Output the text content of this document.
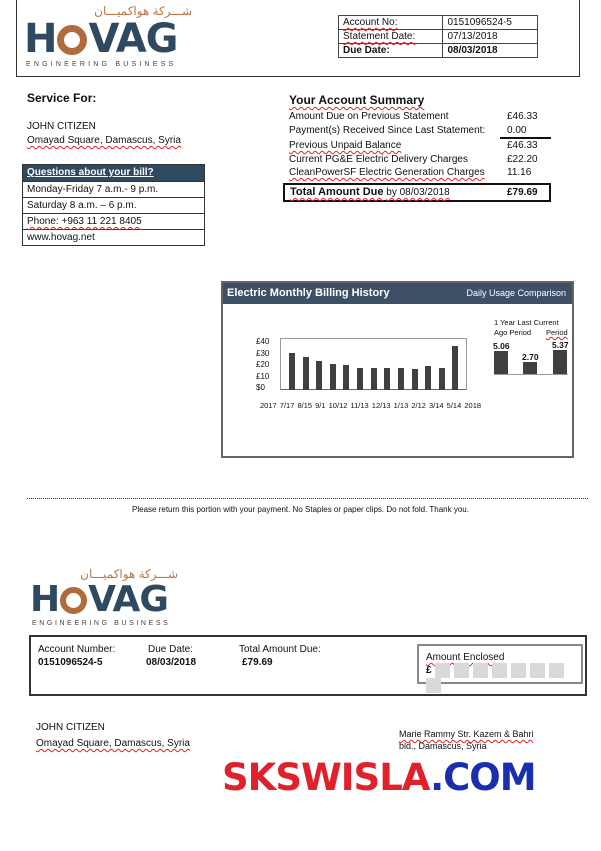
شـــركة هواكميـــان
H VAG
ENGINEERING BUSINESS
Account No:	0151096524-5
Statement Date:	07/13/2018
Due Date:	08/03/2018
Service For:
JOHN CITIZEN
Omayad Square, Damascus, Syria
Questions about your bill?
Monday-Friday 7 a.m.- 9 p.m.
Saturday 8 a.m. – 6 p.m.
Phone: +963 11 221 8405
www.hovag.net
Your Account Summary
Amount Due on Previous Statement	£46.33
Payment(s) Received Since Last Statement: 0.00
Previous Unpaid Balance	£46.33
Current PG&E Electric Delivery Charges	£22.20
CleanPowerSF Electric Generation Charges 11.16
Total Amount Due by 08/03/2018	£79.69
Electric Monthly Billing History	Daily Usage Comparison
£40
£30
£20
£10
$0
2017 7/17 8/15 9/1 10/12 11/13 12/13 1/13 2/12 3/14 5/14 2018
1 Year Last Current
Ago Period Period
5.06
2.70
5.37
Please return this portion with your payment. No Staples or paper clips. Do not fold. Thank you.
شـــركة هواكميـــان
H VAG
ENGINEERING BUSINESS
Account Number:
0151096524-5
Due Date:
08/03/2018
Total Amount Due:
£79.69	Amount Enclosed
£
JOHN CITIZEN
Omayad Square, Damascus, Syria
Marie Rammy Str. Kazem & Bahri
bld., Damascus, Syria
SKSWISLA.COM
